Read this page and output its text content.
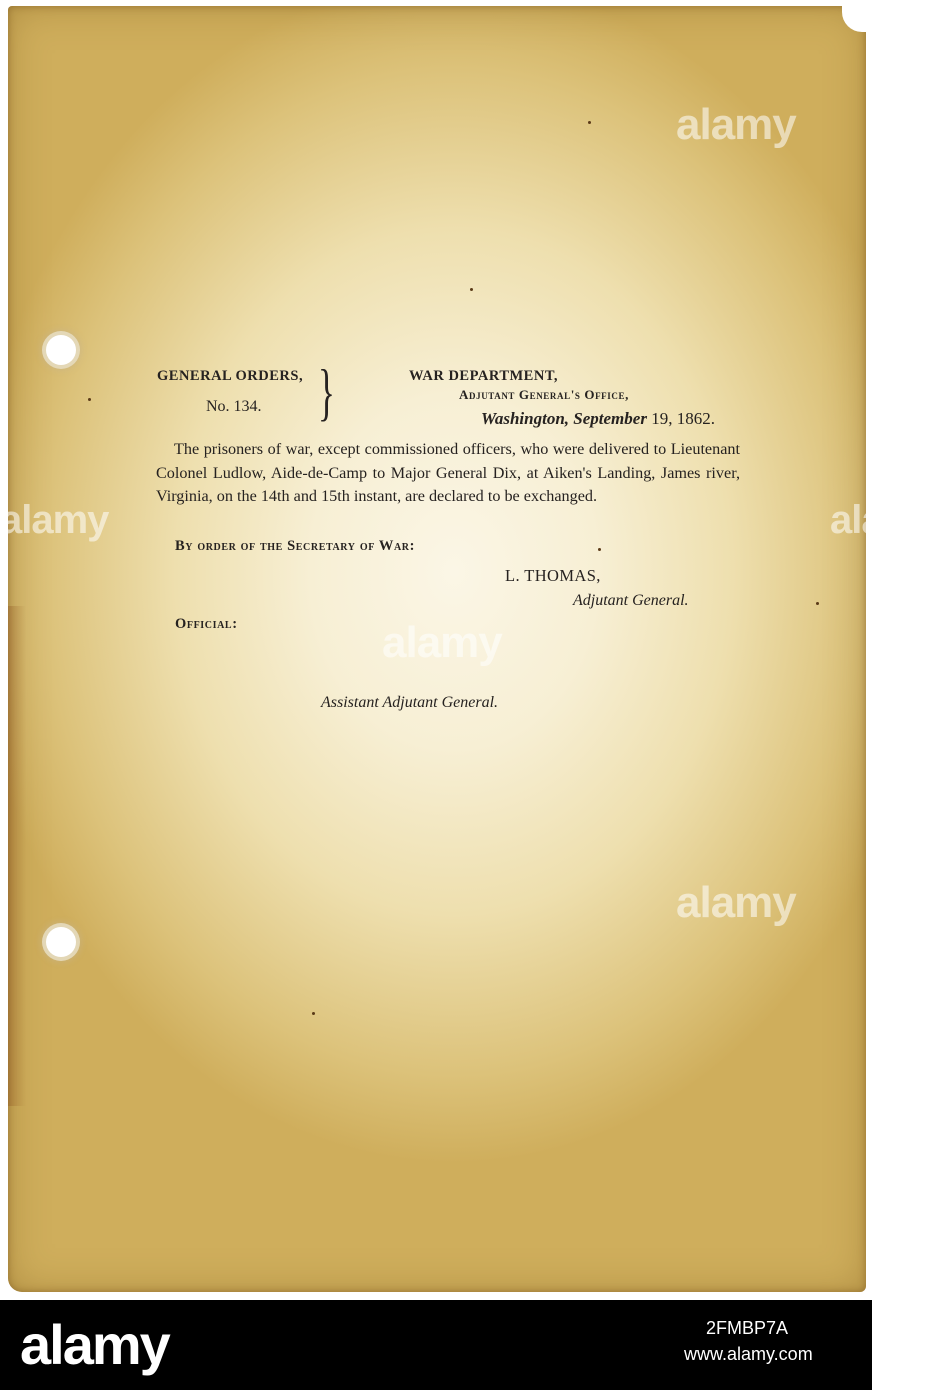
alamy
alamy
alamy
alamy	alamy
GENERAL ORDERS,
No. 134. }	WAR DEPARTMENT,
Adjutant General's Office,
Washington, September 19, 1862.
The prisoners of war, except commissioned officers, who were delivered to Lieutenant Colonel Ludlow, Aide-de-Camp to Major General Dix, at Aiken's Landing, James river, Virginia, on the 14th and 15th instant, are declared to be exchanged.
By order of the Secretary of War:
L. THOMAS,
Adjutant General.
Official:
Assistant Adjutant General.
alamy	2FMBP7A
www.alamy.com
